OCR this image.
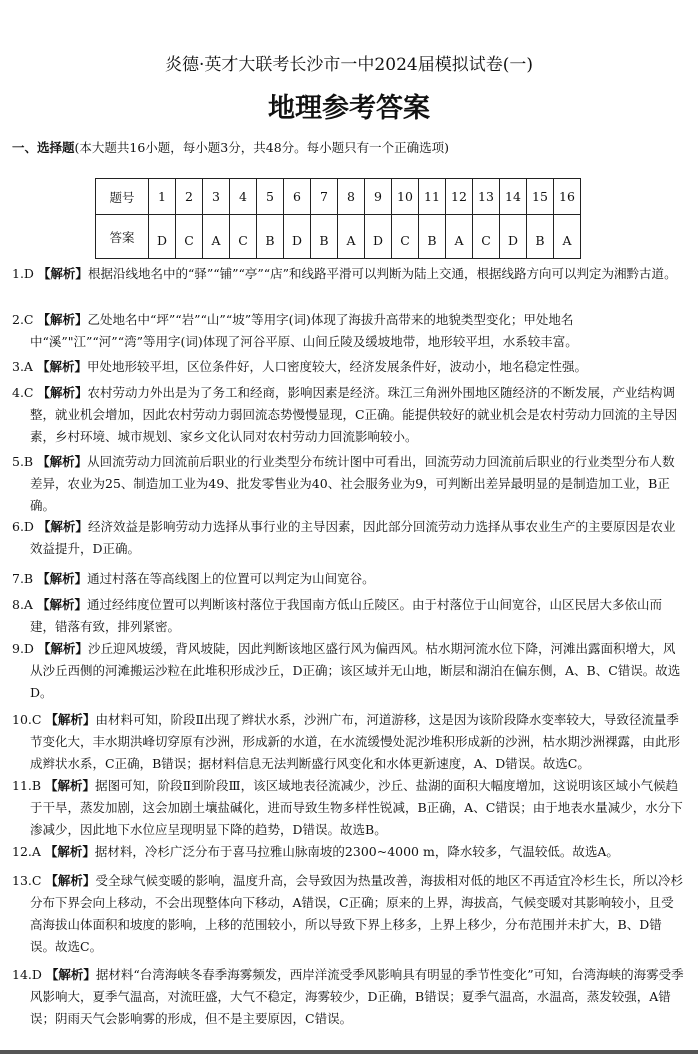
炎德·英才大联考长沙市一中2024届模拟试卷(一)
地理参考答案
一、选择题(本大题共16小题，每小题3分，共48分。每小题只有一个正确选项)
题号	1	2	3	4	5	6	7	8	9	10	11	12	13	14	15	16
答案	D	C	A	C	B	D	B	A	D	C	B	A	C	D	B	A
1.D 【解析】根据沿线地名中的“驿”“铺”“亭”“店”和线路平滑可以判断为陆上交通，根据线路方向可以判定为湘黔古道。
2.C 【解析】乙处地名中“坪”“岩”“山”“坡”等用字(词)体现了海拔升高带来的地貌类型变化；甲处地名中“溪”"江”“河”“湾”等用字(词)体现了河谷平原、山间丘陵及缓坡地带，地形较平坦，水系较丰富。
3.A 【解析】甲处地形较平坦，区位条件好，人口密度较大，经济发展条件好，波动小，地名稳定性强。
4.C 【解析】农村劳动力外出是为了务工和经商，影响因素是经济。珠江三角洲外围地区随经济的不断发展，产业结构调整，就业机会增加，因此农村劳动力弱回流态势慢慢显现，C正确。能提供较好的就业机会是农村劳动力回流的主导因素，乡村环境、城市规划、家乡文化认同对农村劳动力回流影响较小。
5.B 【解析】从回流劳动力回流前后职业的行业类型分布统计图中可看出，回流劳动力回流前后职业的行业类型分布人数差异，农业为25、制造加工业为49、批发零售业为40、社会服务业为9，可判断出差异最明显的是制造加工业，B正确。
6.D 【解析】经济效益是影响劳动力选择从事行业的主导因素，因此部分回流劳动力选择从事农业生产的主要原因是农业效益提升，D正确。
7.B 【解析】通过村落在等高线图上的位置可以判定为山间宽谷。
8.A 【解析】通过经纬度位置可以判断该村落位于我国南方低山丘陵区。由于村落位于山间宽谷，山区民居大多依山而建，错落有致，排列紧密。
9.D 【解析】沙丘迎风坡缓，背风坡陡，因此判断该地区盛行风为偏西风。枯水期河流水位下降，河滩出露面积增大，风从沙丘西侧的河滩搬运沙粒在此堆积形成沙丘，D正确；该区域并无山地，断层和湖泊在偏东侧，A、B、C错误。故选D。
10.C 【解析】由材料可知，阶段Ⅱ出现了辫状水系，沙洲广布，河道游移，这是因为该阶段降水变率较大，导致径流量季节变化大，丰水期洪峰切穿原有沙洲，形成新的水道，在水流缓慢处泥沙堆积形成新的沙洲，枯水期沙洲裸露，由此形成辫状水系，C正确，B错误；据材料信息无法判断盛行风变化和水体更新速度，A、D错误。故选C。
11.B 【解析】据图可知，阶段Ⅱ到阶段Ⅲ，该区域地表径流减少，沙丘、盐湖的面积大幅度增加，这说明该区域小气候趋于干旱，蒸发加剧，这会加剧土壤盐碱化，进而导致生物多样性锐减，B正确，A、C错误；由于地表水量减少，水分下渗减少，因此地下水位应呈现明显下降的趋势，D错误。故选B。
12.A 【解析】据材料，冷杉广泛分布于喜马拉雅山脉南坡的2300~4000 m，降水较多，气温较低。故选A。
13.C 【解析】受全球气候变暖的影响，温度升高，会导致因为热量改善，海拔相对低的地区不再适宜冷杉生长，所以冷杉分布下界会向上移动，不会出现整体向下移动，A错误，C正确；原来的上界，海拔高，气候变暖对其影响较小，且受高海拔山体面积和坡度的影响，上移的范围较小，所以导致下界上移多，上界上移少，分布范围并未扩大，B、D错误。故选C。
14.D 【解析】据材料“台湾海峡冬春季海雾频发，西岸洋流受季风影响具有明显的季节性变化”可知，台湾海峡的海雾受季风影响大，夏季气温高，对流旺盛，大气不稳定，海雾较少，D正确，B错误；夏季气温高，水温高，蒸发较强，A错误；阴雨天气会影响雾的形成，但不是主要原因，C错误。
